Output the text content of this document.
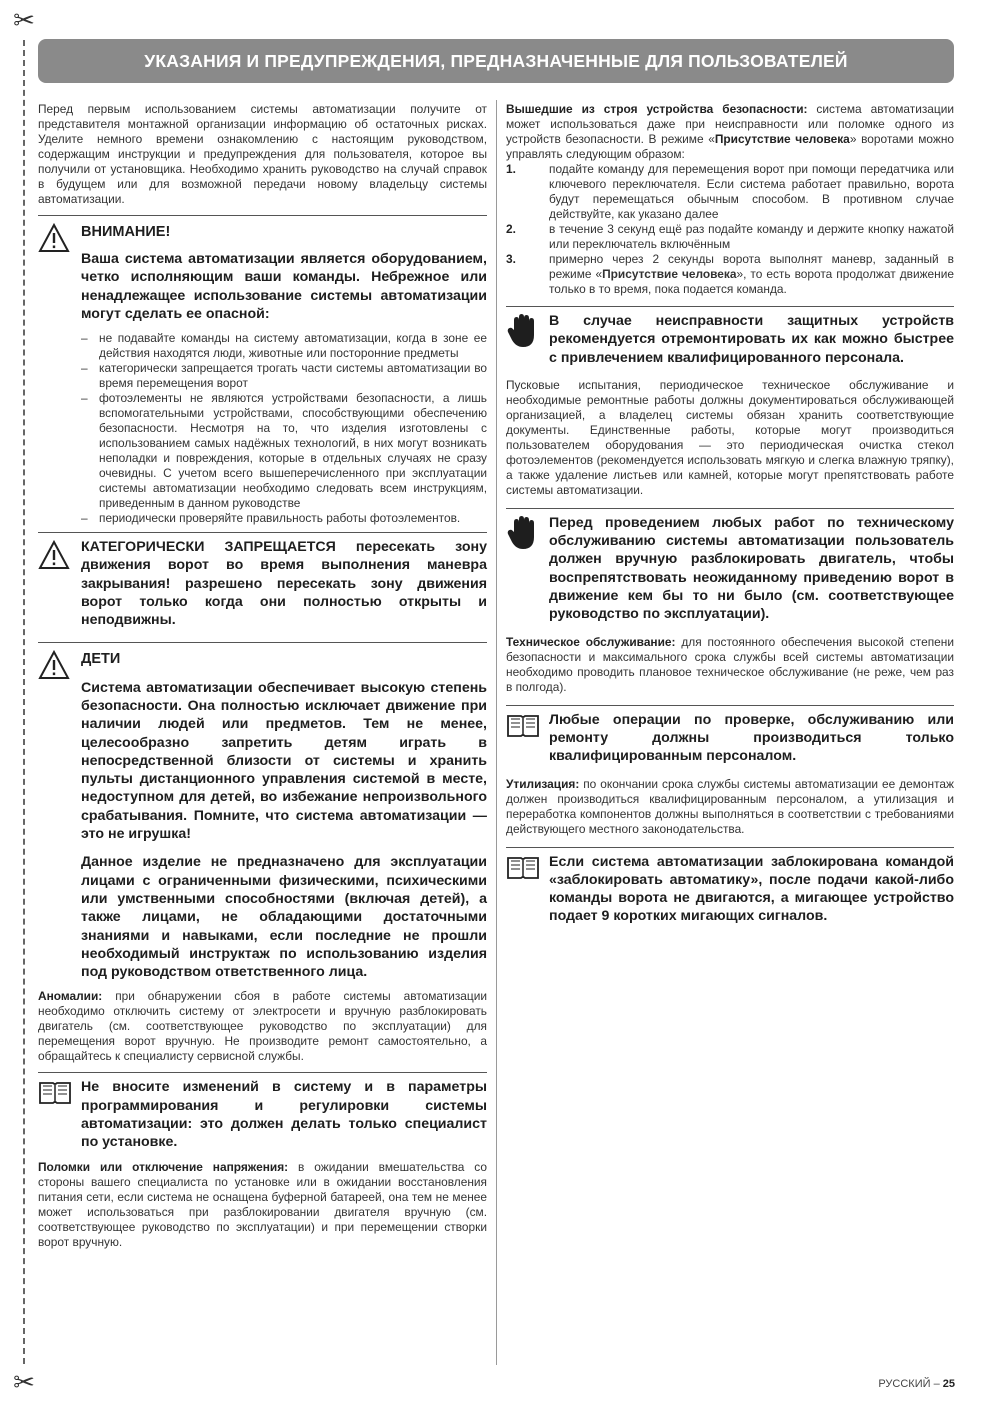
✂
✂
УКАЗАНИЯ И ПРЕДУПРЕЖДЕНИЯ, ПРЕДНАЗНАЧЕННЫЕ ДЛЯ ПОЛЬЗОВАТЕЛЕЙ

Перед первым использованием системы автоматизации получите от представителя монтажной организации информацию об остаточных рисках. Уделите немного времени ознакомлению с настоящим руководством, содержащим инструкции и предупреждения для пользователя, которое вы получили от установщика. Необходимо хранить руководство на случай справок в будущем или для возможной передачи новому владельцу системы автоматизации.

ВНИМАНИЕ!

Ваша система автоматизации является оборудованием, четко исполняющим ваши команды. Небрежное или ненадлежащее использование системы автоматизации могут сделать ее опасной:

– не подавайте команды на систему автоматизации, когда в зоне ее действия находятся люди, животные или посторонние предметы
– категорически запрещается трогать части системы автоматизации во время перемещения ворот
– фотоэлементы не являются устройствами безопасности, а лишь вспомогательными устройствами, способствующими обеспечению безопасности. Несмотря на то, что изделия изготовлены с использованием самых надёжных технологий, в них могут возникать неполадки и повреждения, которые в отдельных случаях не сразу очевидны. С учетом всего вышеперечисленного при эксплуатации системы автоматизации необходимо следовать всем инструкциям, приведенным в данном руководстве
– периодически проверяйте правильность работы фотоэлементов.

КАТЕГОРИЧЕСКИ ЗАПРЕЩАЕТСЯ пересекать зону движения ворот во время выполнения маневра закрывания! разрешено пересекать зону движения ворот только когда они полностью открыты и неподвижны.

ДЕТИ

Система автоматизации обеспечивает высокую степень безопасности. Она полностью исключает движение при наличии людей или предметов. Тем не менее, целесообразно запретить детям играть в непосредственной близости от системы и хранить пульты дистанционного управления системой в месте, недоступном для детей, во избежание непроизвольного срабатывания. Помните, что система автоматизации — это не игрушка!

Данное изделие не предназначено для эксплуатации лицами с ограниченными физическими, психическими или умственными способностями (включая детей), а также лицами, не обладающими достаточными знаниями и навыками, если последние не прошли необходимый инструктаж по использованию изделия под руководством ответственного лица.

Аномалии: при обнаружении сбоя в работе системы автоматизации необходимо отключить систему от электросети и вручную разблокировать двигатель (см. соответствующее руководство по эксплуатации) для перемещения ворот вручную. Не производите ремонт самостоятельно, а обращайтесь к специалисту сервисной службы.

Не вносите изменений в систему и в параметры программирования и регулировки системы автоматизации: это должен делать только специалист по установке.

Поломки или отключение напряжения: в ожидании вмешательства со стороны вашего специалиста по установке или в ожидании восстановления питания сети, если система не оснащена буферной батареей, она тем не менее может использоваться при разблокировании двигателя вручную (см. соответствующее руководство по эксплуатации) и при перемещении створки ворот вручную.

Вышедшие из строя устройства безопасности: система автоматизации может использоваться даже при неисправности или поломке одного из устройств безопасности. В режиме «Присутствие человека» воротами можно управлять следующим образом:

1.	подайте команду для перемещения ворот при помощи передатчика или ключевого переключателя. Если система работает правильно, ворота будут перемещаться обычным способом. В противном случае действуйте, как указано далее
2.	в течение 3 секунд ещё раз подайте команду и держите кнопку нажатой или переключатель включённым
3.	примерно через 2 секунды ворота выполнят маневр, заданный в режиме «Присутствие человека», то есть ворота продолжат движение только в то время, пока подается команда.

В случае неисправности защитных устройств рекомендуется отремонтировать их как можно быстрее с привлечением квалифицированного персонала.

Пусковые испытания, периодическое техническое обслуживание и необходимые ремонтные работы должны документироваться обслуживающей организацией, а владелец системы обязан хранить соответствующие документы. Единственные работы, которые могут производиться пользователем оборудования — это периодическая очистка стекол фотоэлементов (рекомендуется использовать мягкую и слегка влажную тряпку), а также удаление листьев или камней, которые могут препятствовать работе системы автоматизации.

Перед проведением любых работ по техническому обслуживанию системы автоматизации пользователь должен вручную разблокировать двигатель, чтобы воспрепятствовать неожиданному приведению ворот в движение кем бы то ни было (см. соответствующее руководство по эксплуатации).

Техническое обслуживание: для постоянного обеспечения высокой степени безопасности и максимального срока службы всей системы автоматизации необходимо проводить плановое техническое обслуживание (не реже, чем раз в полгода).

Любые операции по проверке, обслуживанию или ремонту должны производиться только квалифицированным персоналом.

Утилизация: по окончании срока службы системы автоматизации ее демонтаж должен производиться квалифицированным персоналом, а утилизация и переработка компонентов должны выполняться в соответствии с требованиями действующего местного законодательства.

Если система автоматизации заблокирована командой «заблокировать автоматику», после подачи какой-либо команды ворота не двигаются, а мигающее устройство подает 9 коротких мигающих сигналов.

РУССКИЙ – 25
